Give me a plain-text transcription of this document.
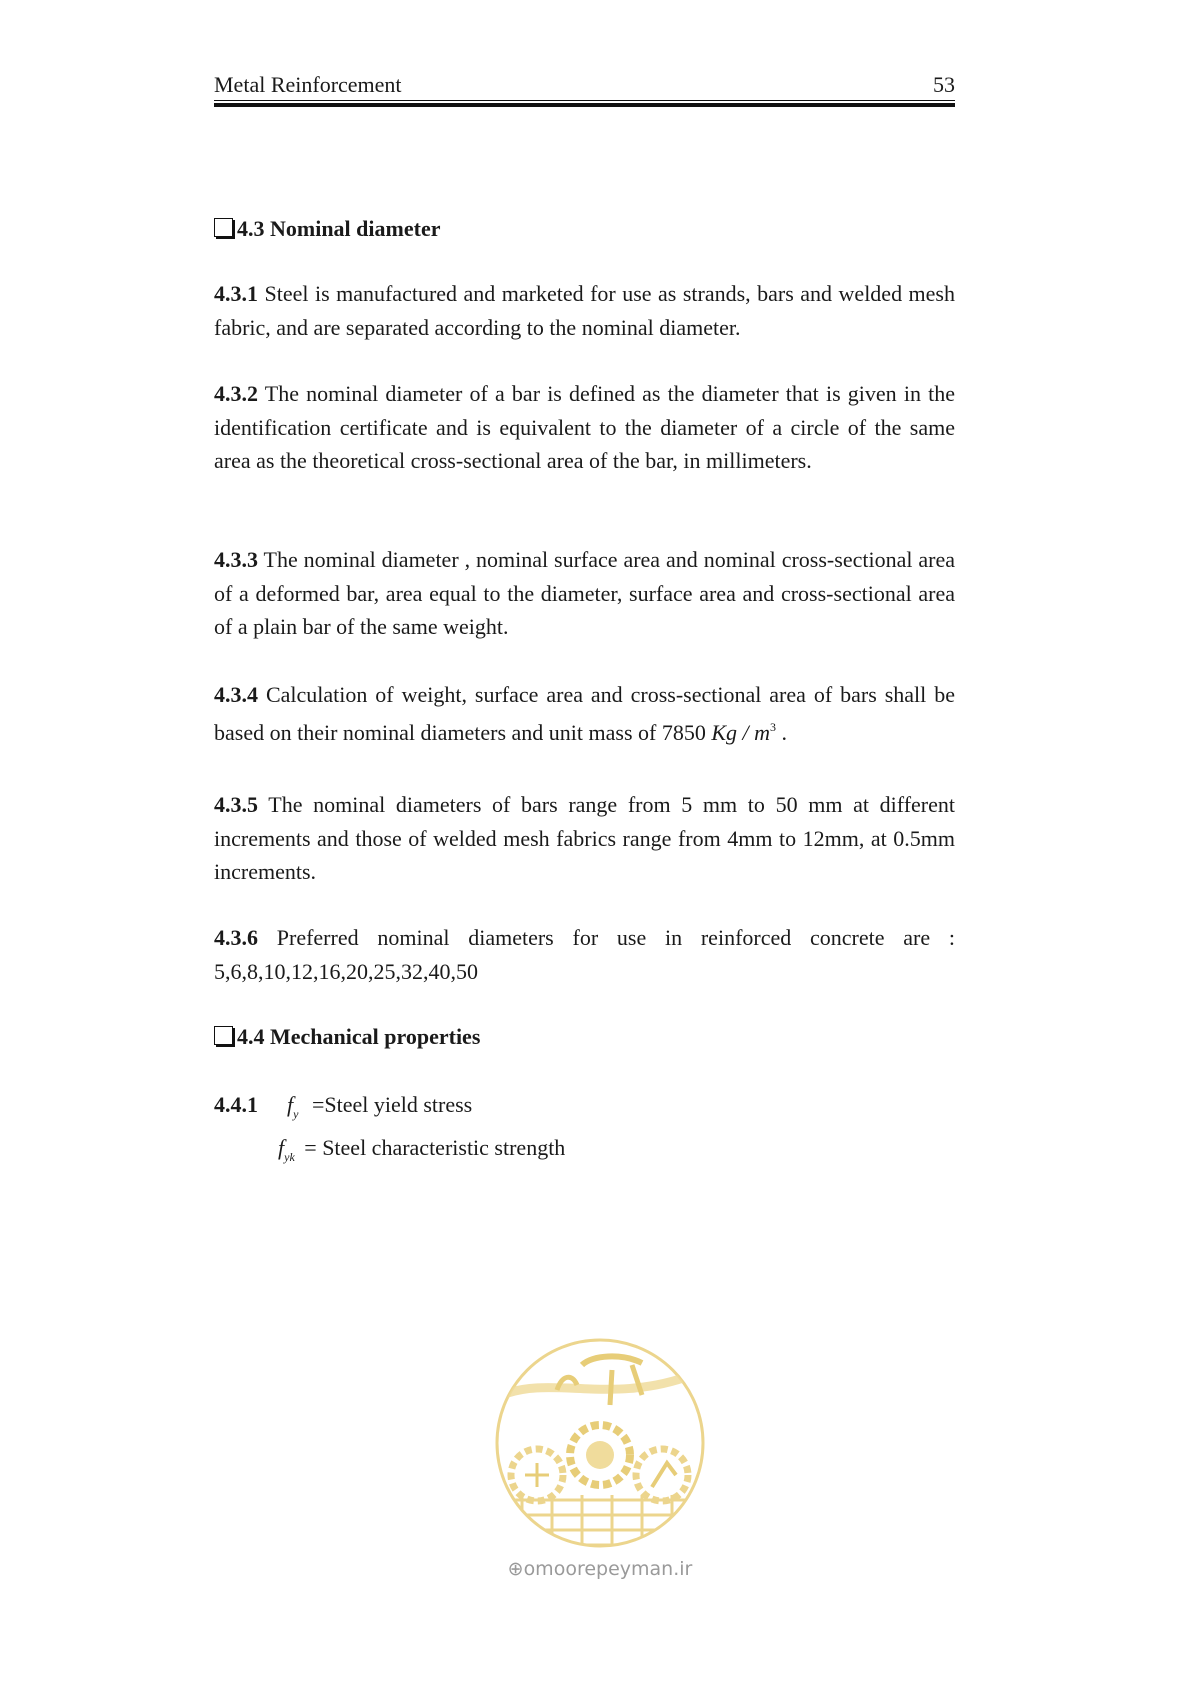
Metal Reinforcement	53
4.3 Nominal diameter
4.3.1 Steel is manufactured and marketed for use as strands, bars and welded mesh fabric, and are separated according to the nominal diameter.
4.3.2 The nominal diameter of a bar is defined as the diameter that is given in the identification certificate and is equivalent to the diameter of a circle of the same area as the theoretical cross-sectional area of the bar, in millimeters.
4.3.3 The nominal diameter , nominal surface area and nominal cross-sectional area of a deformed bar, area equal to the diameter, surface area and cross-sectional area of a plain bar of the same weight.
4.3.4 Calculation of weight, surface area and cross-sectional area of bars shall be based on their nominal diameters and unit mass of 7850 Kg / $m^3$ .
4.3.5 The nominal diameters of bars range from 5 mm to 50 mm at different increments and those of welded mesh fabrics range from 4mm to 12mm, at 0.5mm increments.
4.3.6 Preferred nominal diameters for use in reinforced concrete are : 5,6,8,10,12,16,20,25,32,40,50
4.4 Mechanical properties
4.4.1 $f_y$ =Steel yield stress
$f_{yk}$ = Steel characteristic strength
⊕omoorepeyman.ir
